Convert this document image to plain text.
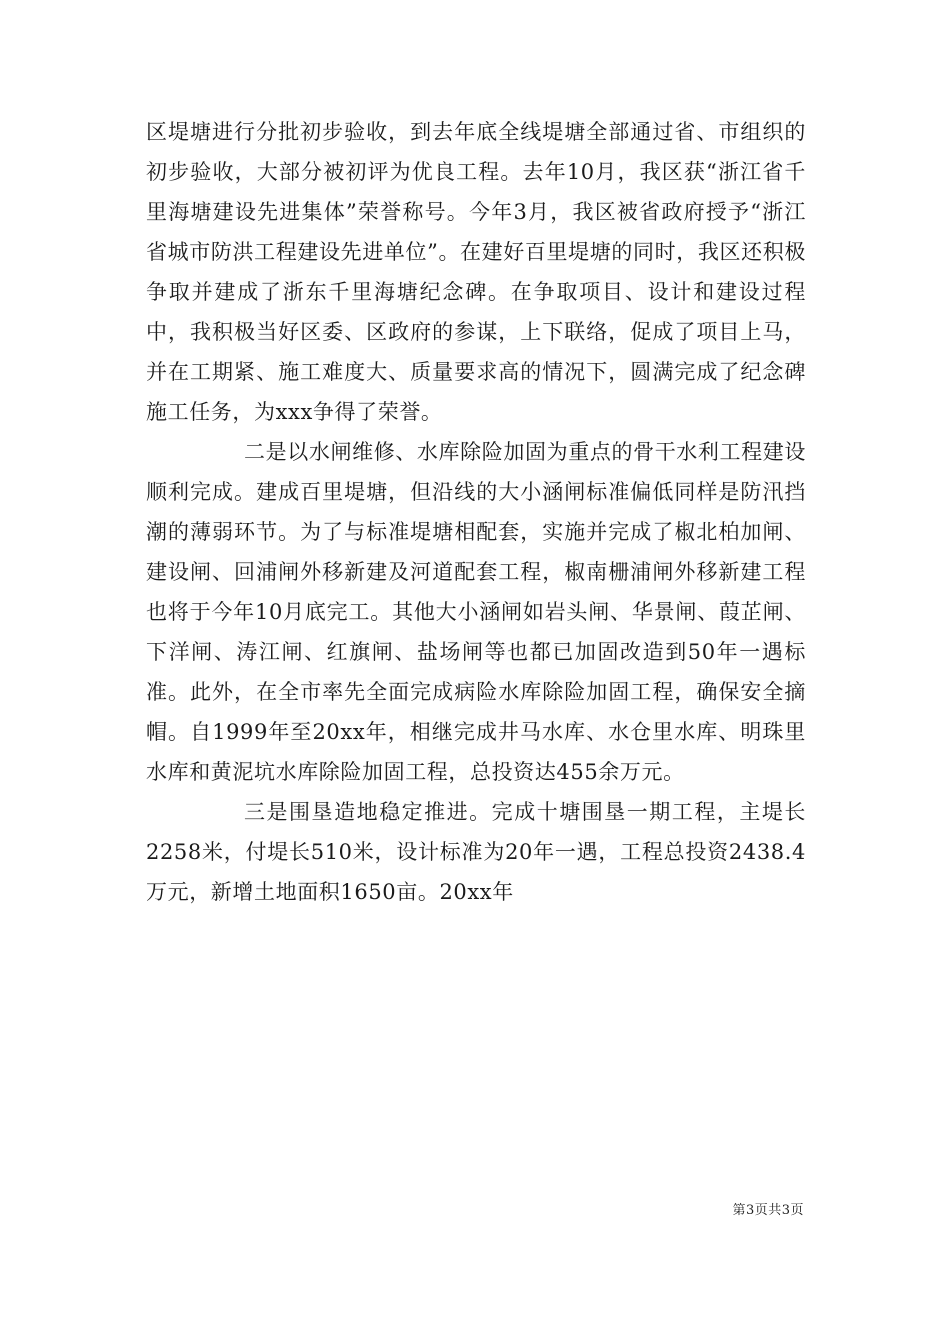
区堤塘进行分批初步验收，到去年底全线堤塘全部通过省、市组织的初步验收，大部分被初评为优良工程。去年10月，我区获“浙江省千里海塘建设先进集体”荣誉称号。今年3月，我区被省政府授予“浙江省城市防洪工程建设先进单位”。在建好百里堤塘的同时，我区还积极争取并建成了浙东千里海塘纪念碑。在争取项目、设计和建设过程中，我积极当好区委、区政府的参谋，上下联络，促成了项目上马，并在工期紧、施工难度大、质量要求高的情况下，圆满完成了纪念碑施工任务，为xxx争得了荣誉。

二是以水闸维修、水库除险加固为重点的骨干水利工程建设顺利完成。建成百里堤塘，但沿线的大小涵闸标准偏低同样是防汛挡潮的薄弱环节。为了与标准堤塘相配套，实施并完成了椒北柏加闸、建设闸、回浦闸外移新建及河道配套工程，椒南栅浦闸外移新建工程也将于今年10月底完工。其他大小涵闸如岩头闸、华景闸、葭芷闸、下洋闸、涛江闸、红旗闸、盐场闸等也都已加固改造到50年一遇标准。此外，在全市率先全面完成病险水库除险加固工程，确保安全摘帽。自1999年至20xx年，相继完成井马水库、水仓里水库、明珠里水库和黄泥坑水库除险加固工程，总投资达455余万元。

三是围垦造地稳定推进。完成十塘围垦一期工程，主堤长2258米，付堤长510米，设计标准为20年一遇，工程总投资2438.4万元，新增土地面积1650亩。20xx年

第3页共3页
